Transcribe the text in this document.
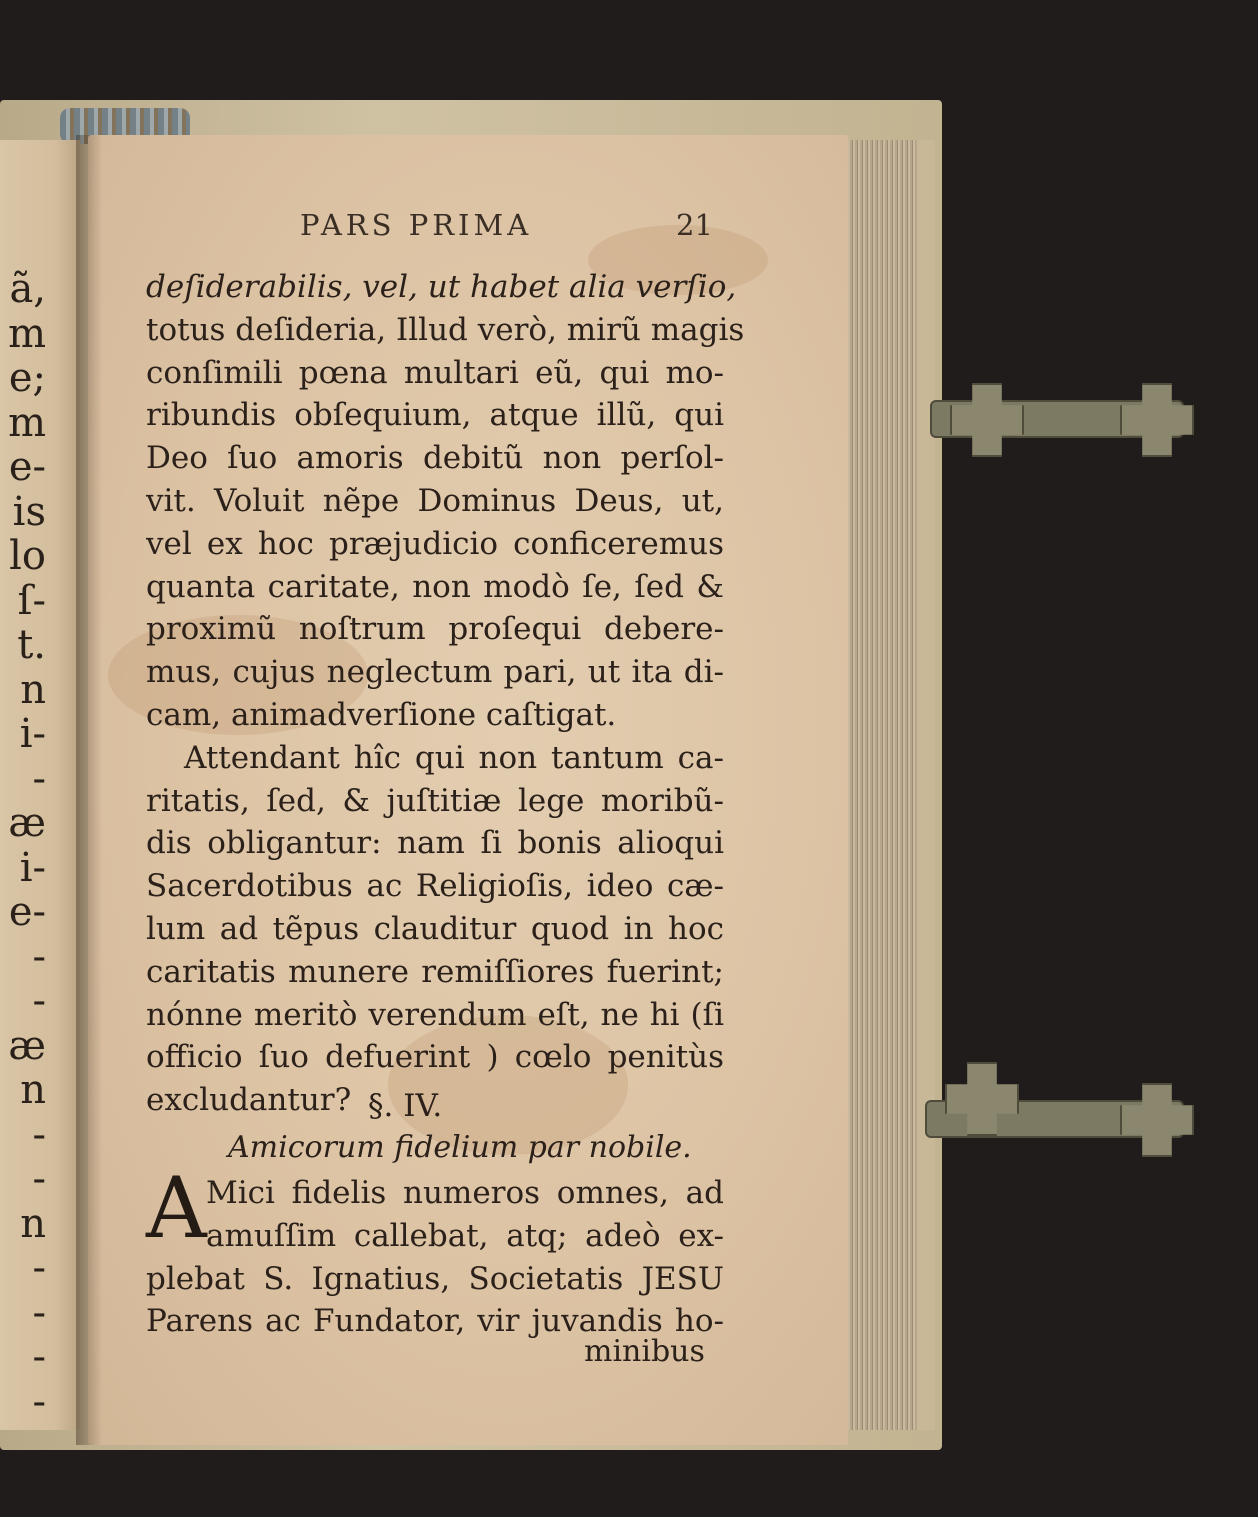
ã,
m
e;
m
e-
is
lo
ſ-
t.
n
i-
-
æ
i-
e-
-
-
æ
n
-
-
n
-
-
-
-
PARS PRIMA	21
deſiderabilis, vel, ut habet alia verſio,
totus deſideria, Illud verò, mirũ magis
conſimili pœna multari eũ, qui mo-
ribundis obſequium, atque illũ, qui
Deo ſuo amoris debitũ non perſol-
vit. Voluit nẽpe Dominus Deus, ut,
vel ex hoc præjudicio conficeremus
quanta caritate, non modò ſe, ſed &
proximũ noſtrum proſequi debere-
mus, cujus neglectum pari, ut ita di-
cam, animadverſione caſtigat.
Attendant hîc qui non tantum ca-
ritatis, ſed, & juſtitiæ lege moribũ-
dis obligantur: nam ſi bonis alioqui
Sacerdotibus ac Religioſis, ideo cæ-
lum ad tẽpus clauditur quod in hoc
caritatis munere remiſſiores fuerint;
nónne meritò verendum eſt, ne hi (ſi
officio ſuo defuerint ) cœlo penitùs
excludantur? §. IV.
Amicorum fidelium par nobile.
A Mici fidelis numeros omnes, ad
amuſſim callebat, atq; adeò ex-
plebat S. Ignatius, Societatis JESU
Parens ac Fundator, vir juvandis ho-
minibus
